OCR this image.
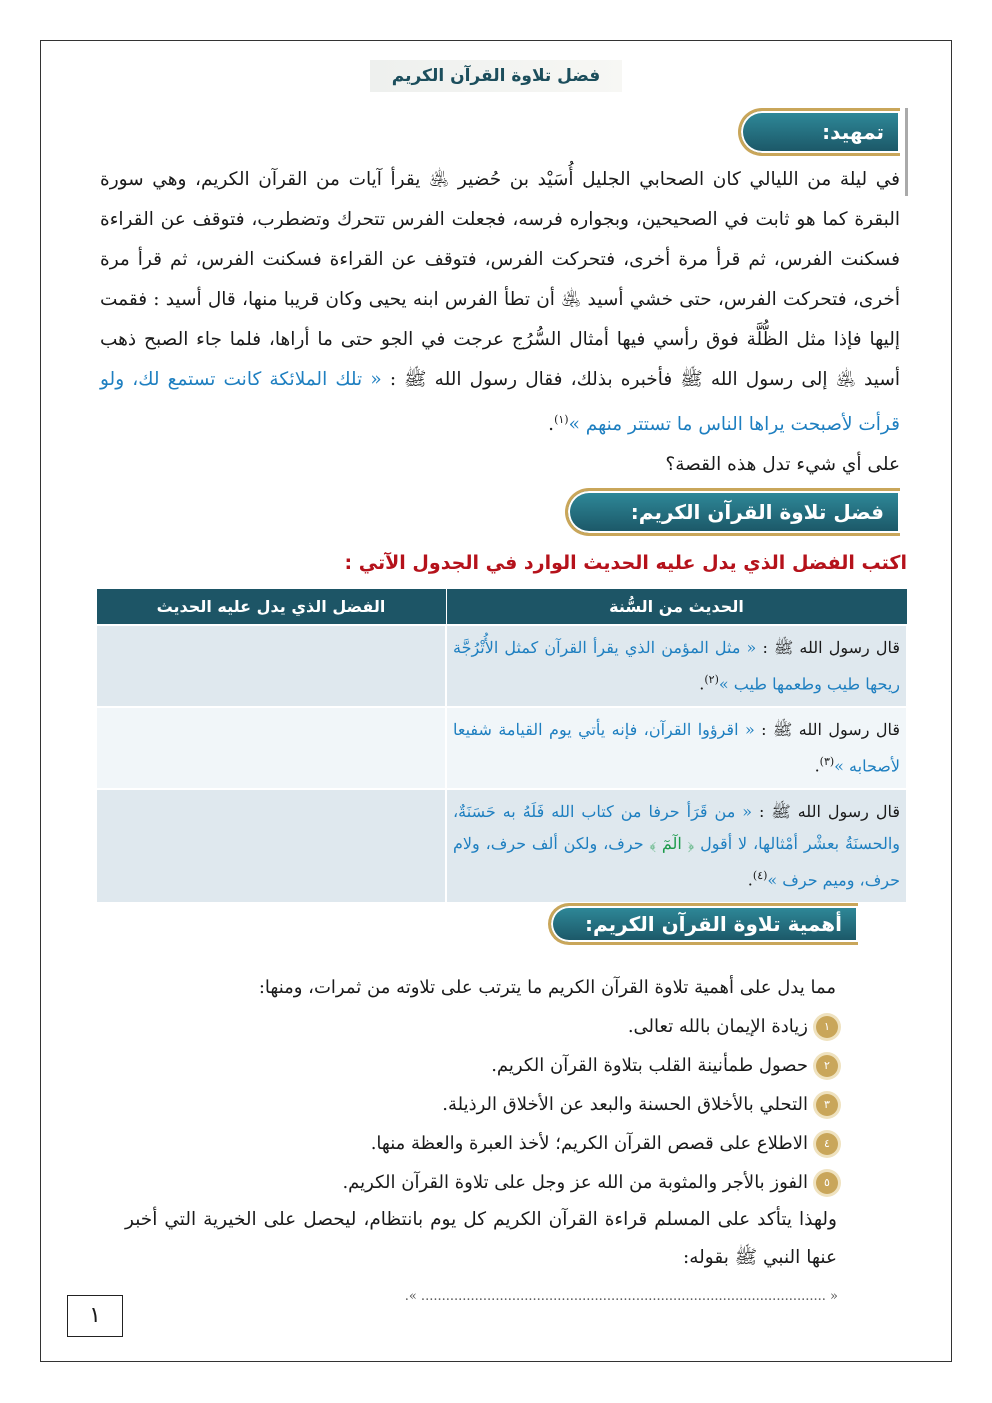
فضل تلاوة القرآن الكريم
تمهيد:
في ليلة من الليالي كان الصحابي الجليل أُسَيْد بن حُضير ﵁ يقرأ آيات من القرآن الكريم، وهي سورة البقرة كما هو ثابت في الصحيحين، وبجواره فرسه، فجعلت الفرس تتحرك وتضطرب، فتوقف عن القراءة فسكنت الفرس، ثم قرأ مرة أخرى، فتحركت الفرس، فتوقف عن القراءة فسكنت الفرس، ثم قرأ مرة أخرى، فتحركت الفرس، حتى خشي أسيد ﵁ أن تطأ الفرس ابنه يحيى وكان قريبا منها، قال أسيد : فقمت إليها فإذا مثل الظُّلَّة فوق رأسي فيها أمثال السُّرُج عرجت في الجو حتى ما أراها، فلما جاء الصبح ذهب أسيد ﵁ إلى رسول الله ﷺ فأخبره بذلك، فقال رسول الله ﷺ : « تلك الملائكة كانت تستمع لك، ولو قرأت لأصبحت يراها الناس ما تستتر منهم »$^{(١)}$.
على أي شيء تدل هذه القصة؟
فضل تلاوة القرآن الكريم:
اكتب الفضل الذي يدل عليه الحديث الوارد في الجدول الآتي :
الحديث من السُّنة	الفضل الذي يدل عليه الحديث
قال رسول الله ﷺ : « مثل المؤمن الذي يقرأ القرآن كمثل الأُتْرُجَّة ريحها طيب وطعمها طيب »$^{(٢)}$.	
قال رسول الله ﷺ : « اقرؤوا القرآن، فإنه يأتي يوم القيامة شفيعا لأصحابه »$^{(٣)}$.	
قال رسول الله ﷺ : « من قَرَأ حرفا من كتاب الله فَلَهُ به حَسَنَةٌ، والحسنَةُ بعشْر أمْثالها، لا أقول ﴿ الٓمٓ ﴾ حرف، ولكن ألف حرف، ولام حرف، وميم حرف »$^{(٤)}$.	
أهمية تلاوة القرآن الكريم:
مما يدل على أهمية تلاوة القرآن الكريم ما يترتب على تلاوته من ثمرات، ومنها:
١
زيادة الإيمان بالله تعالى.
٢
حصول طمأنينة القلب بتلاوة القرآن الكريم.
٣
التحلي بالأخلاق الحسنة والبعد عن الأخلاق الرذيلة.
٤
الاطلاع على قصص القرآن الكريم؛ لأخذ العبرة والعظة منها.
٥
الفوز بالأجر والمثوبة من الله عز وجل على تلاوة القرآن الكريم.
ولهذا يتأكد على المسلم قراءة القرآن الكريم كل يوم بانتظام، ليحصل على الخيرية التي أخبر عنها النبي ﷺ بقوله:
« .................................................................................................. ».
١
